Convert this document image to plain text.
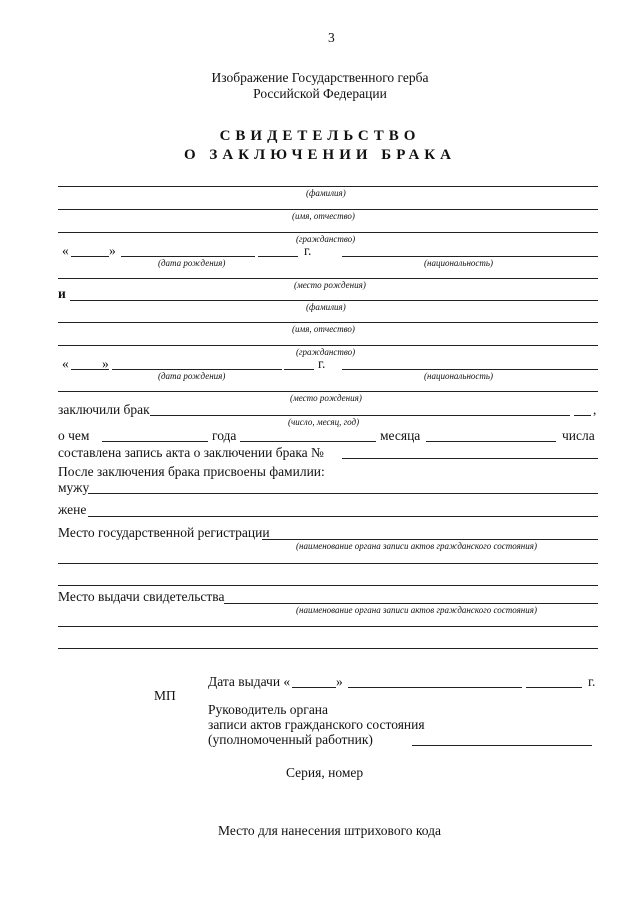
3
Изображение Государственного герба
Российской Федерации
СВИДЕТЕЛЬСТВО
О ЗАКЛЮЧЕНИИ БРАКА
(фамилия)
(имя, отчество)
(гражданство)
«	»	г.
(дата рождения)	(национальность)
(место рождения)
и
(фамилия)
(имя, отчество)
(гражданство)
« »	г.
(дата рождения)	(национальность)
(место рождения)
заключили брак	,
(число, месяц, год)
о чем	года	месяца	числа
составлена запись акта о заключении брака №
После заключения брака присвоены фамилии:
мужу
жене
Место государственной регистрации
(наименование органа записи актов гражданского состояния)
Место выдачи свидетельства
(наименование органа записи актов гражданского состояния)
Дата выдачи «	»	г.
МП
Руководитель органа
записи актов гражданского состояния
(уполномоченный работник)
Серия, номер
Место для нанесения штрихового кода
